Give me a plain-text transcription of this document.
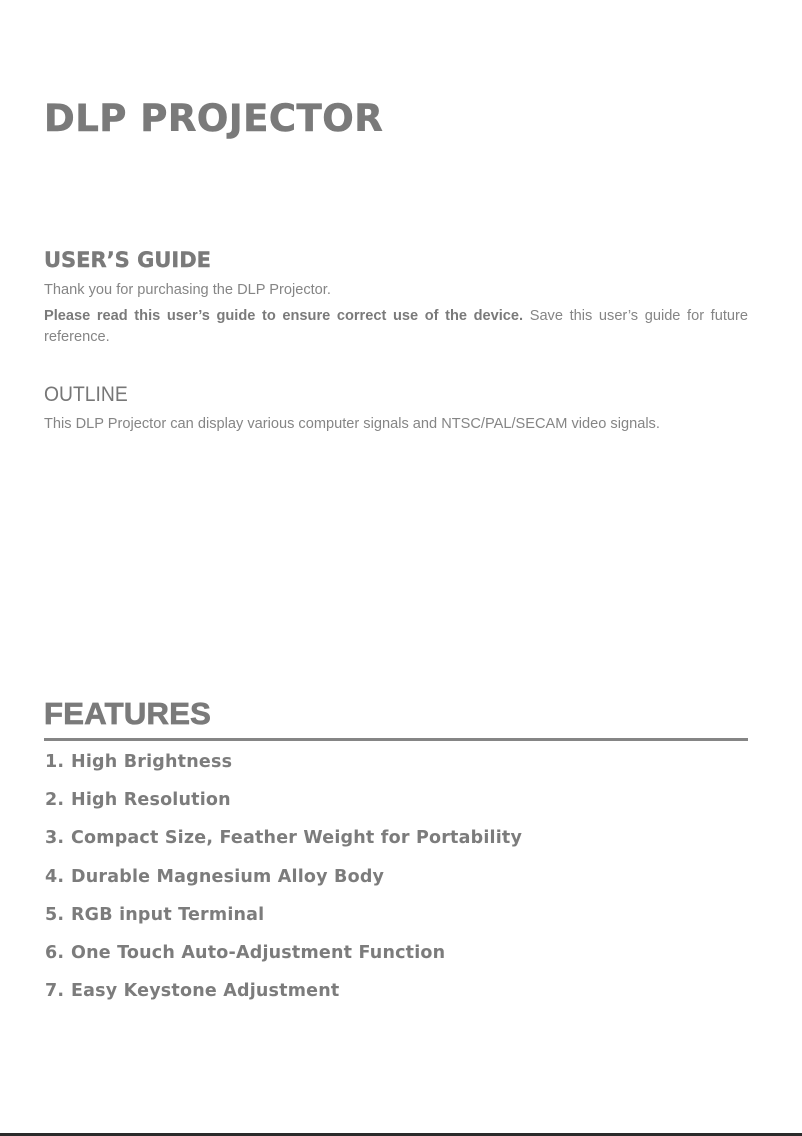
DLP PROJECTOR
USER’S GUIDE
Thank you for purchasing the DLP Projector.
Please read this user’s guide to ensure correct use of the device. Save this user’s guide for future reference.
OUTLINE
This DLP Projector can display various computer signals and NTSC/PAL/SECAM video signals.
FEATURES
1. High Brightness
2. High Resolution
3. Compact Size, Feather Weight for Portability
4. Durable Magnesium Alloy Body
5. RGB input Terminal
6. One Touch Auto-Adjustment Function
7. Easy Keystone Adjustment
